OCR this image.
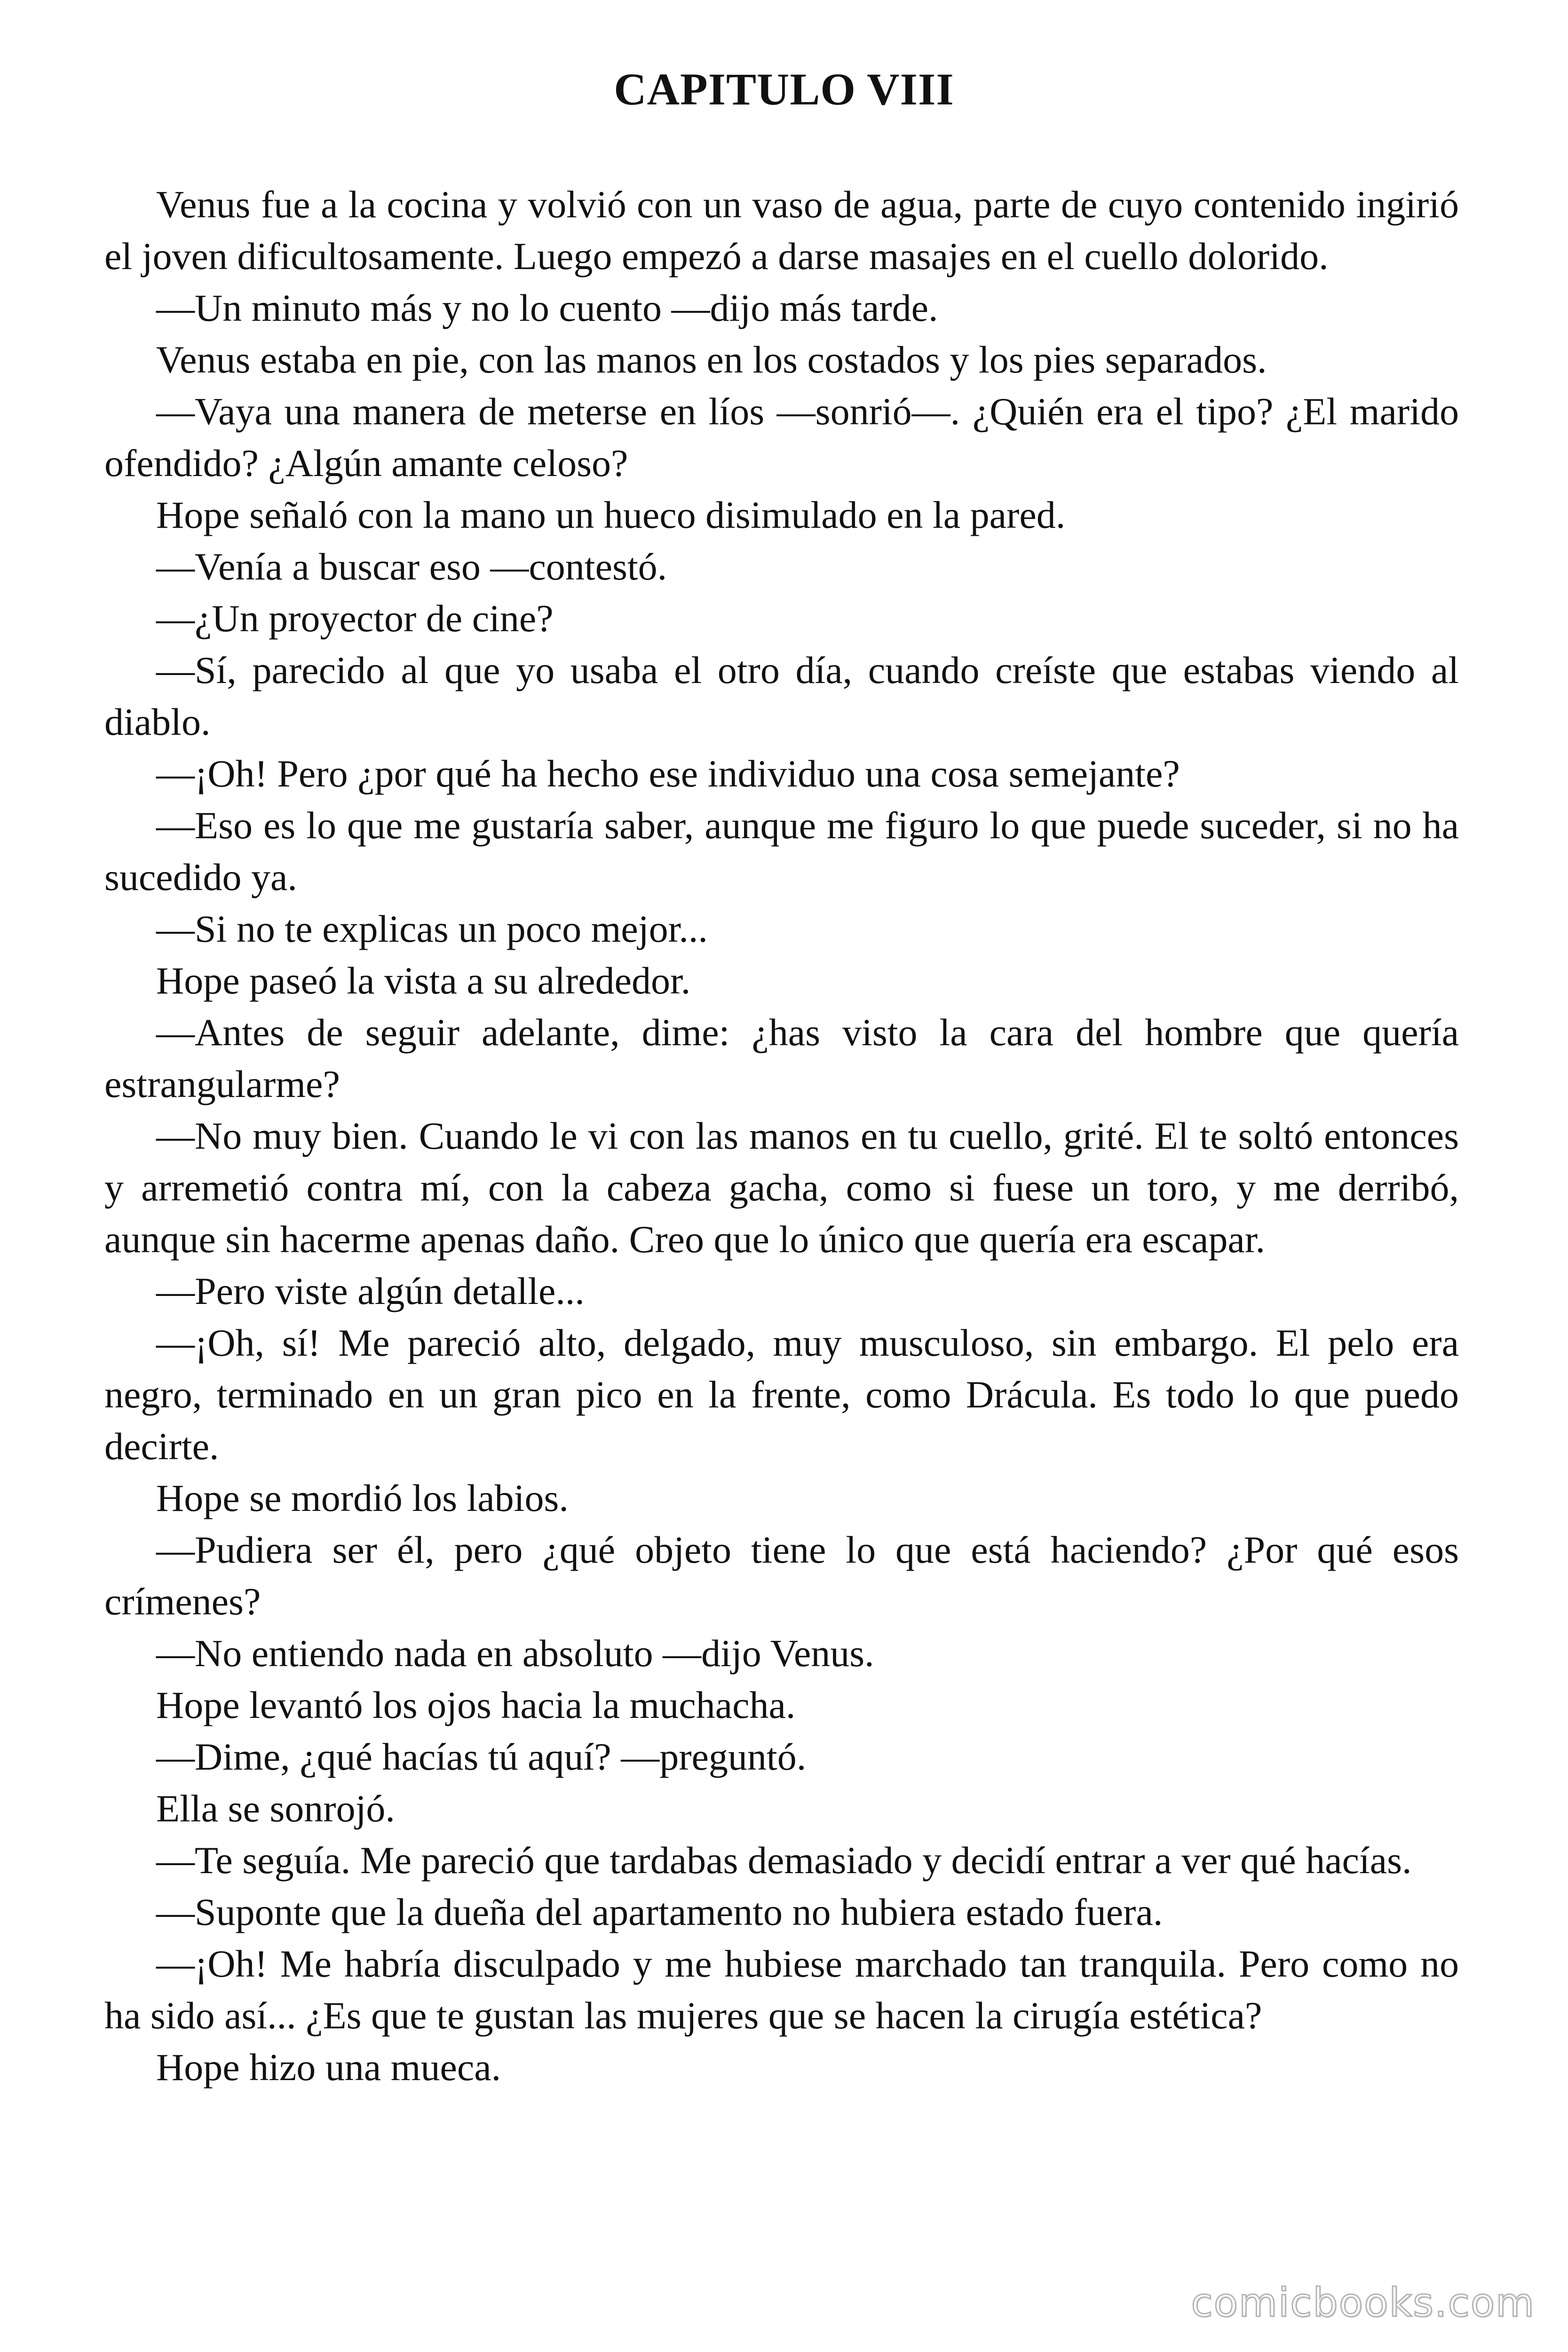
CAPITULO VIII

Venus fue a la cocina y volvió con un vaso de agua, parte de cuyo contenido ingirió el joven dificultosamente. Luego empezó a darse masajes en el cuello dolorido.

—Un minuto más y no lo cuento —dijo más tarde.

Venus estaba en pie, con las manos en los costados y los pies separados.

—Vaya una manera de meterse en líos —sonrió—. ¿Quién era el tipo? ¿El marido ofendido? ¿Algún amante celoso?

Hope señaló con la mano un hueco disimulado en la pared.

—Venía a buscar eso —contestó.

—¿Un proyector de cine?

—Sí, parecido al que yo usaba el otro día, cuando creíste que estabas viendo al diablo.

—¡Oh! Pero ¿por qué ha hecho ese individuo una cosa semejante?

—Eso es lo que me gustaría saber, aunque me figuro lo que puede suceder, si no ha sucedido ya.

—Si no te explicas un poco mejor...

Hope paseó la vista a su alrededor.

—Antes de seguir adelante, dime: ¿has visto la cara del hombre que quería estrangularme?

—No muy bien. Cuando le vi con las manos en tu cuello, grité. El te soltó entonces y arremetió contra mí, con la cabeza gacha, como si fuese un toro, y me derribó, aunque sin hacerme apenas daño. Creo que lo único que quería era escapar.

—Pero viste algún detalle...

—¡Oh, sí! Me pareció alto, delgado, muy musculoso, sin embargo. El pelo era negro, terminado en un gran pico en la frente, como Drácula. Es todo lo que puedo decirte.

Hope se mordió los labios.

—Pudiera ser él, pero ¿qué objeto tiene lo que está haciendo? ¿Por qué esos crímenes?

—No entiendo nada en absoluto —dijo Venus.

Hope levantó los ojos hacia la muchacha.

—Dime, ¿qué hacías tú aquí? —preguntó.

Ella se sonrojó.

—Te seguía. Me pareció que tardabas demasiado y decidí entrar a ver qué hacías.

—Suponte que la dueña del apartamento no hubiera estado fuera.

—¡Oh! Me habría disculpado y me hubiese marchado tan tranquila. Pero como no ha sido así... ¿Es que te gustan las mujeres que se hacen la cirugía estética?

Hope hizo una mueca.

comicbooks.com
